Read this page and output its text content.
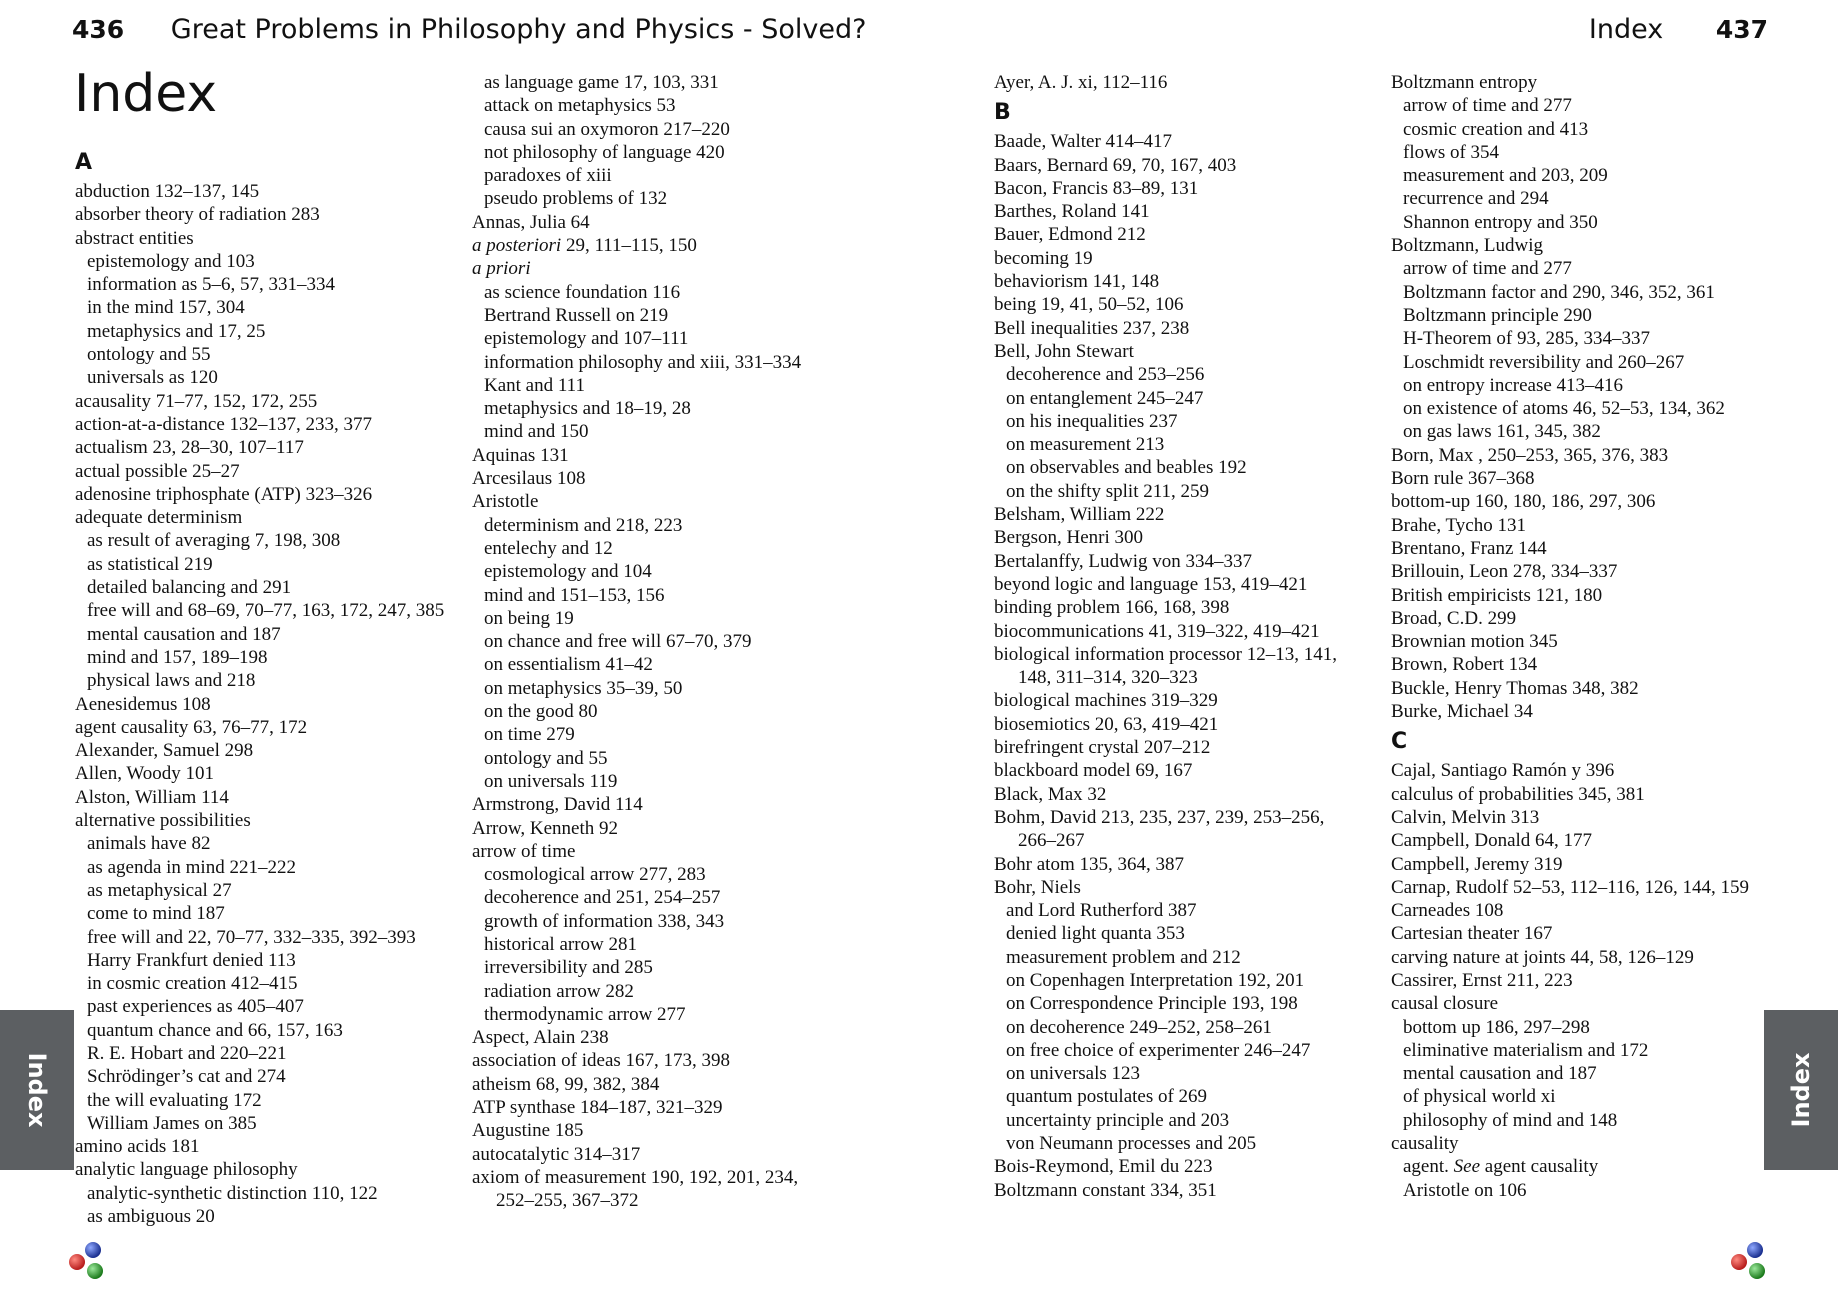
436 Great Problems in Philosophy and Physics - Solved?	Index 437
Index
A
abduction 132–137, 145
absorber theory of radiation 283
abstract entities
epistemology and 103
information as 5–6, 57, 331–334
in the mind 157, 304
metaphysics and 17, 25
ontology and 55
universals as 120
acausality 71–77, 152, 172, 255
action-at-a-distance 132–137, 233, 377
actualism 23, 28–30, 107–117
actual possible 25–27
adenosine triphosphate (ATP) 323–326
adequate determinism
as result of averaging 7, 198, 308
as statistical 219
detailed balancing and 291
free will and 68–69, 70–77, 163, 172, 247, 385
mental causation and 187
mind and 157, 189–198
physical laws and 218
Aenesidemus 108
agent causality 63, 76–77, 172
Alexander, Samuel 298
Allen, Woody 101
Alston, William 114
alternative possibilities
animals have 82
as agenda in mind 221–222
as metaphysical 27
come to mind 187
free will and 22, 70–77, 332–335, 392–393
Harry Frankfurt denied 113
in cosmic creation 412–415
past experiences as 405–407
quantum chance and 66, 157, 163
R. E. Hobart and 220–221
Schrödinger’s cat and 274
the will evaluating 172
William James on 385
amino acids 181
analytic language philosophy
analytic-synthetic distinction 110, 122
as ambiguous 20
as language game 17, 103, 331
attack on metaphysics 53
causa sui an oxymoron 217–220
not philosophy of language 420
paradoxes of xiii
pseudo problems of 132
Annas, Julia 64
a posteriori 29, 111–115, 150
a priori
as science foundation 116
Bertrand Russell on 219
epistemology and 107–111
information philosophy and xiii, 331–334
Kant and 111
metaphysics and 18–19, 28
mind and 150
Aquinas 131
Arcesilaus 108
Aristotle
determinism and 218, 223
entelechy and 12
epistemology and 104
mind and 151–153, 156
on being 19
on chance and free will 67–70, 379
on essentialism 41–42
on metaphysics 35–39, 50
on the good 80
on time 279
ontology and 55
on universals 119
Armstrong, David 114
Arrow, Kenneth 92
arrow of time
cosmological arrow 277, 283
decoherence and 251, 254–257
growth of information 338, 343
historical arrow 281
irreversibility and 285
radiation arrow 282
thermodynamic arrow 277
Aspect, Alain 238
association of ideas 167, 173, 398
atheism 68, 99, 382, 384
ATP synthase 184–187, 321–329
Augustine 185
autocatalytic 314–317
axiom of measurement 190, 192, 201, 234,
252–255, 367–372
Ayer, A. J. xi, 112–116
B
Baade, Walter 414–417
Baars, Bernard 69, 70, 167, 403
Bacon, Francis 83–89, 131
Barthes, Roland 141
Bauer, Edmond 212
becoming 19
behaviorism 141, 148
being 19, 41, 50–52, 106
Bell inequalities 237, 238
Bell, John Stewart
decoherence and 253–256
on entanglement 245–247
on his inequalities 237
on measurement 213
on observables and beables 192
on the shifty split 211, 259
Belsham, William 222
Bergson, Henri 300
Bertalanffy, Ludwig von 334–337
beyond logic and language 153, 419–421
binding problem 166, 168, 398
biocommunications 41, 319–322, 419–421
biological information processor 12–13, 141,
148, 311–314, 320–323
biological machines 319–329
biosemiotics 20, 63, 419–421
birefringent crystal 207–212
blackboard model 69, 167
Black, Max 32
Bohm, David 213, 235, 237, 239, 253–256,
266–267
Bohr atom 135, 364, 387
Bohr, Niels
and Lord Rutherford 387
denied light quanta 353
measurement problem and 212
on Copenhagen Interpretation 192, 201
on Correspondence Principle 193, 198
on decoherence 249–252, 258–261
on free choice of experimenter 246–247
on universals 123
quantum postulates of 269
uncertainty principle and 203
von Neumann processes and 205
Bois-Reymond, Emil du 223
Boltzmann constant 334, 351
Boltzmann entropy
arrow of time and 277
cosmic creation and 413
flows of 354
measurement and 203, 209
recurrence and 294
Shannon entropy and 350
Boltzmann, Ludwig
arrow of time and 277
Boltzmann factor and 290, 346, 352, 361
Boltzmann principle 290
H-Theorem of 93, 285, 334–337
Loschmidt reversibility and 260–267
on entropy increase 413–416
on existence of atoms 46, 52–53, 134, 362
on gas laws 161, 345, 382
Born, Max , 250–253, 365, 376, 383
Born rule 367–368
bottom-up 160, 180, 186, 297, 306
Brahe, Tycho 131
Brentano, Franz 144
Brillouin, Leon 278, 334–337
British empiricists 121, 180
Broad, C.D. 299
Brownian motion 345
Brown, Robert 134
Buckle, Henry Thomas 348, 382
Burke, Michael 34
C
Cajal, Santiago Ramón y 396
calculus of probabilities 345, 381
Calvin, Melvin 313
Campbell, Donald 64, 177
Campbell, Jeremy 319
Carnap, Rudolf 52–53, 112–116, 126, 144, 159
Carneades 108
Cartesian theater 167
carving nature at joints 44, 58, 126–129
Cassirer, Ernst 211, 223
causal closure
bottom up 186, 297–298
eliminative materialism and 172
mental causation and 187
of physical world xi
philosophy of mind and 148
causality
agent. See agent causality
Aristotle on 106
Index	Index
